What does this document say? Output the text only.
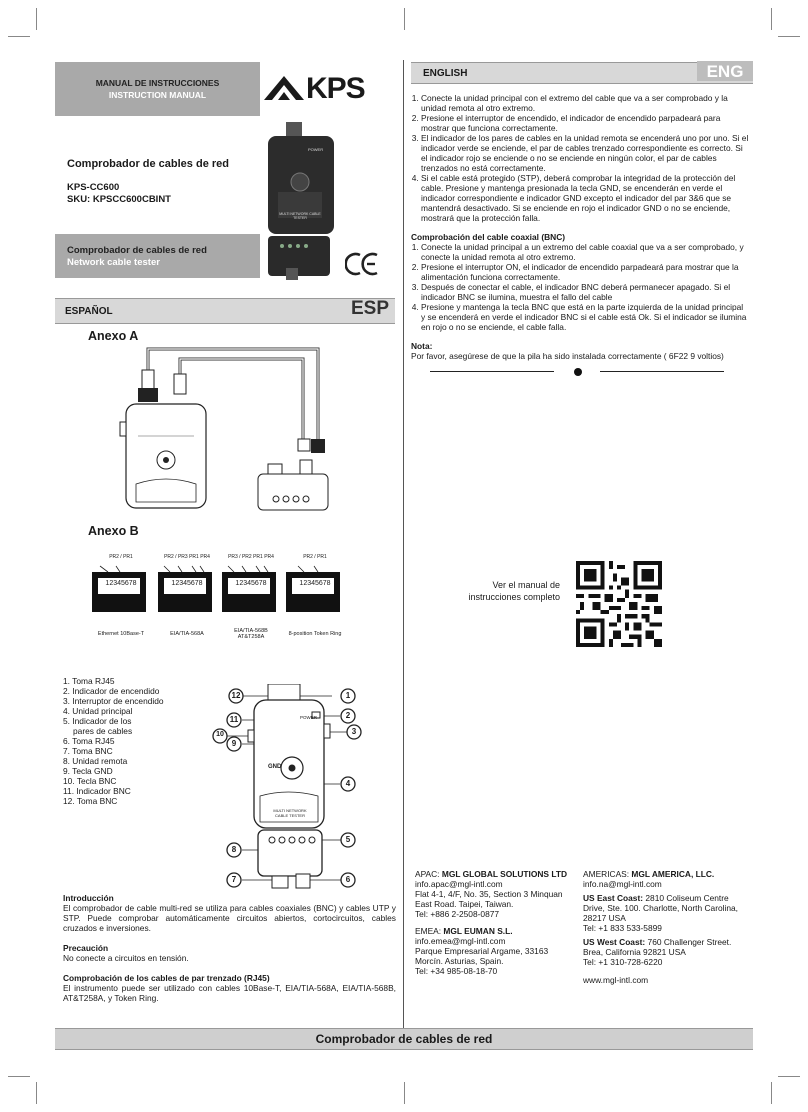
MANUAL DE INSTRUCCIONES
INSTRUCTION MANUAL	KPS
Comprobador de cables de red
KPS-CC600
SKU: KPSCC600CBINT
Comprobador de cables de red
Network cable tester
POWER
MULTI NETWORK CABLE TESTER
ESPAÑOL	ESP
Anexo A
Anexo B
PR2 / PR1	PR2 / PR3 PR1 PR4	PR3 / PR2 PR1 PR4	PR2 / PR1
12345678	12345678	12345678	12345678
Ethernet 10Base-T	EIA/TIA-568A	EIA/TIA-568B
AT&T258A	8-position Token Ring
1. Toma RJ45
2. Indicador de encendido
3. Interruptor de encendido
4. Unidad principal
5. Indicador de los
pares de cables
6. Toma RJ45
7. Toma BNC
8. Unidad remota
9. Tecla GND
10. Tecla BNC
11. Indicador BNC
12. Toma BNC
12	1
11	2
10
9
3
4
5
8
7	6
POWER
GND
MULTI NETWORK CABLE TESTER
Introducción
El comprobador de cable multi-red se utiliza para cables coaxiales (BNC) y cables UTP y STP. Puede comprobar automáticamente circuitos abiertos, cortocircuitos, cables cruzados e inversiones.
Precaución
No conecte a circuitos en tensión.
Comprobación de los cables de par trenzado (RJ45)
El instrumento puede ser utilizado con cables 10Base-T, EIA/TIA-568A, EIA/TIA-568B, AT&T258A, y Token Ring.
ENGLISH	ENG
1. Conecte la unidad principal con el extremo del cable que va a ser comprobado y la unidad remota al otro extremo.
2. Presione el interruptor de encendido, el indicador de encendido parpadeará para mostrar que funciona correctamente.
3. El indicador de los pares de cables en la unidad remota se encenderá uno por uno. Si el indicador verde se enciende, el par de cables trenzado correspondiente es correcto. Si el indicador rojo se enciende o no se enciende en ningún color, el par de cables trenzados no está correctamente.
4. Si el cable está protegido (STP), deberá comprobar la integridad de la protección del cable. Presione y mantenga presionada la tecla GND, se encenderán en verde el indicador correspondiente e indicador GND excepto el indicador del par 3&6 que se mantendrá desactivado. Si se enciende en rojo el indicador GND o no se enciende, mostrará que la protección falla.
Comprobación del cable coaxial (BNC)
1. Conecte la unidad principal a un extremo del cable coaxial que va a ser comprobado, y conecte la unidad remota al otro extremo.
2. Presione el interruptor ON, el indicador de encendido parpadeará para mostrar que la alimentación funciona correctamente.
3. Después de conectar el cable, el indicador BNC deberá permanecer apagado. Si el indicador BNC se ilumina, muestra el fallo del cable
4. Presione y mantenga la tecla BNC que está en la parte izquierda de la unidad principal y se encenderá en verde el indicador BNC si el cable está Ok. Si el indicador se ilumina en rojo o no se enciende, el cable falla.
Nota:
Por favor, asegúrese de que la pila ha sido instalada correctamente ( 6F22 9 voltios)
Ver el manual de
instrucciones completo
APAC: MGL GLOBAL SOLUTIONS LTD
info.apac@mgl-intl.com
Flat 4-1, 4/F, No. 35, Section 3 Minquan
East Road. Taipei, Taiwan.
Tel: +886 2-2508-0877
EMEA: MGL EUMAN S.L.
info.emea@mgl-intl.com
Parque Empresarial Argame, 33163
Morcín. Asturias, Spain.
Tel: +34 985-08-18-70
AMERICAS: MGL AMERICA, LLC.
info.na@mgl-intl.com
US East Coast: 2810 Coliseum Centre
Drive, Ste. 100. Charlotte, North Carolina,
28217 USA
Tel: +1 833 533-5899
US West Coast: 760 Challenger Street.
Brea, California 92821 USA
Tel: +1 310-728-6220
www.mgl-intl.com
Comprobador de cables de red
